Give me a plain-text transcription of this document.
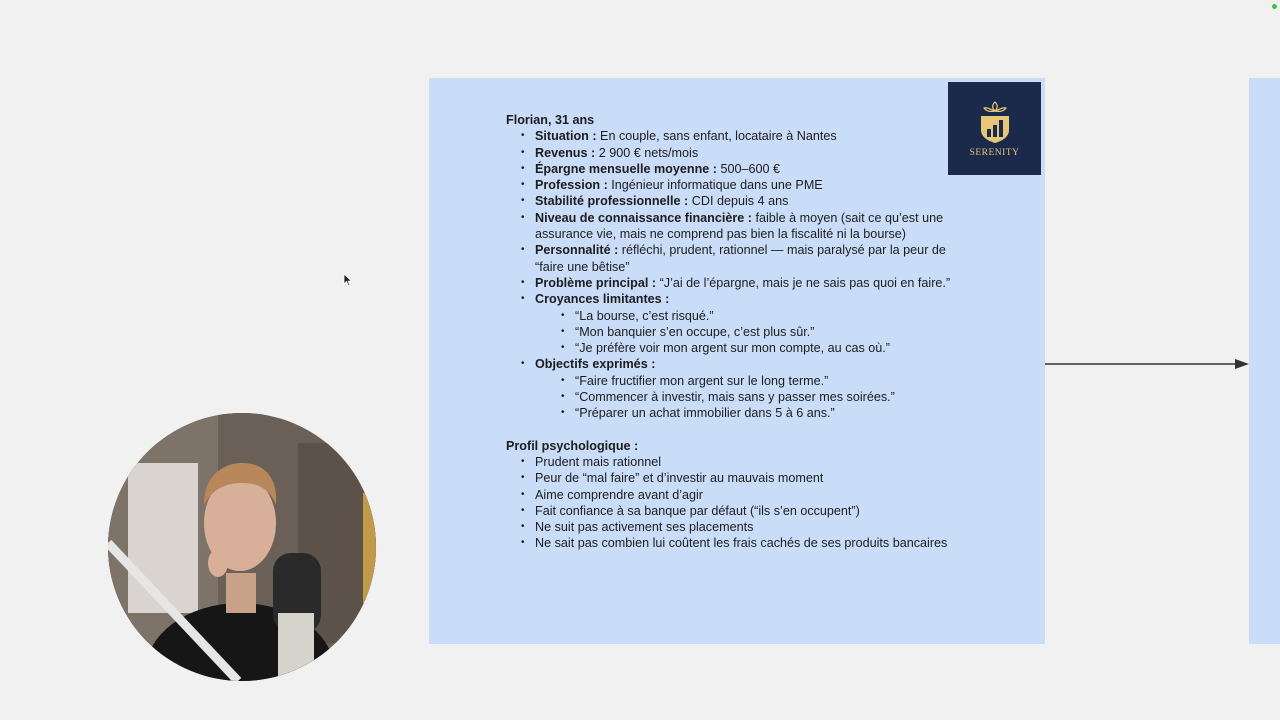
Florian, 31 ans

• Situation : En couple, sans enfant, locataire à Nantes
• Revenus : 2 900 € nets/mois
• Épargne mensuelle moyenne : 500–600 €
• Profession : Ingénieur informatique dans une PME
• Stabilité professionnelle : CDI depuis 4 ans
• Niveau de connaissance financière : faible à moyen (sait ce qu’est une assurance vie, mais ne comprend pas bien la fiscalité ni la bourse)
• Personnalité : réfléchi, prudent, rationnel — mais paralysé par la peur de “faire une bêtise”
• Problème principal : “J’ai de l’épargne, mais je ne sais pas quoi en faire.”
• Croyances limitantes :
• “La bourse, c’est risqué.”
• “Mon banquier s’en occupe, c’est plus sûr.”
• “Je préfère voir mon argent sur mon compte, au cas où.”
• Objectifs exprimés :
• “Faire fructifier mon argent sur le long terme.”
• “Commencer à investir, mais sans y passer mes soirées.”
• “Préparer un achat immobilier dans 5 à 6 ans.”

Profil psychologique :

• Prudent mais rationnel
• Peur de “mal faire” et d’investir au mauvais moment
• Aime comprendre avant d’agir
• Fait confiance à sa banque par défaut (“ils s’en occupent”)
• Ne suit pas activement ses placements
• Ne sait pas combien lui coûtent les frais cachés de ses produits bancaires
SERENITY
